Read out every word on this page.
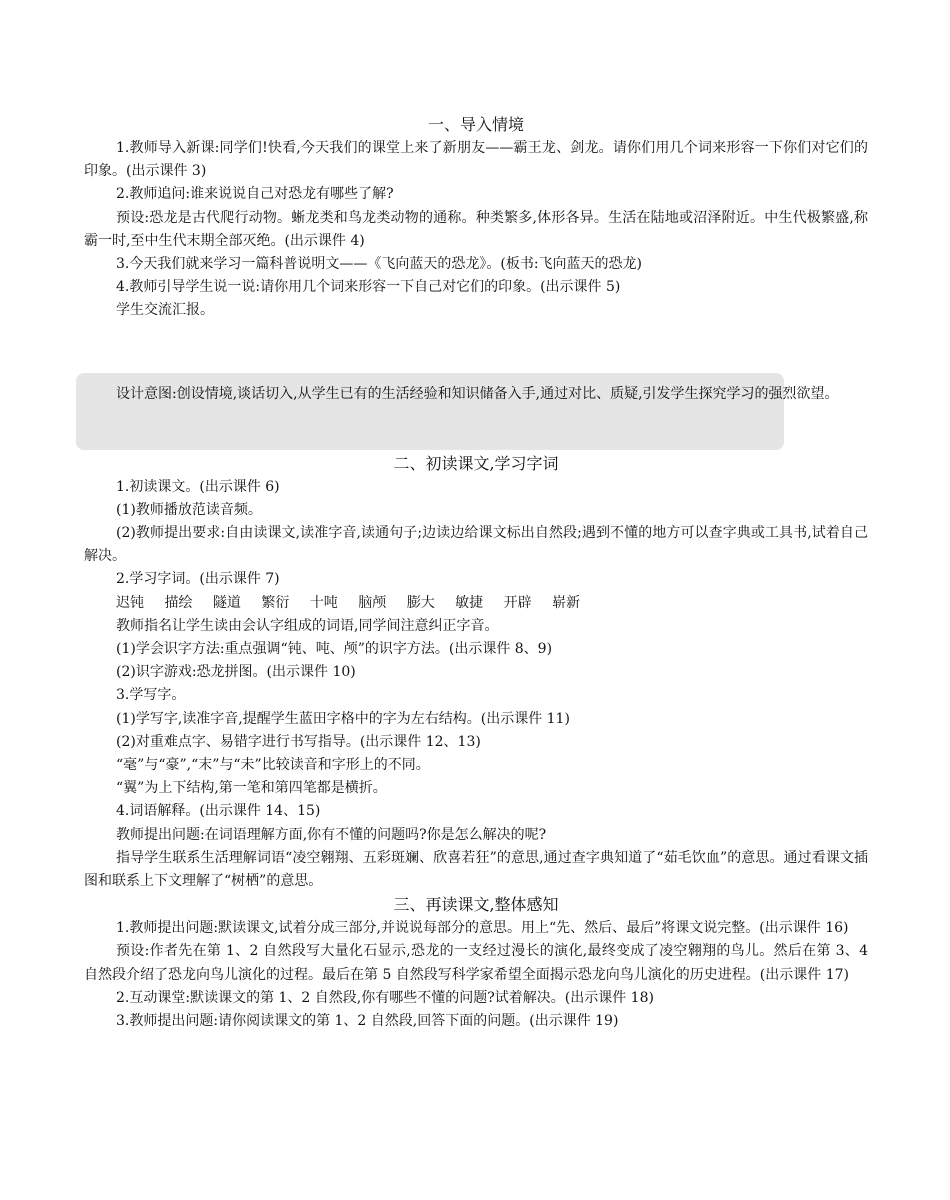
一、导入情境

1.教师导入新课:同学们!快看,今天我们的课堂上来了新朋友——霸王龙、剑龙。请你们用几个词来形容一下你们对它们的印象。(出示课件 3)

2.教师追问:谁来说说自己对恐龙有哪些了解?

预设:恐龙是古代爬行动物。蜥龙类和鸟龙类动物的通称。种类繁多,体形各异。生活在陆地或沼泽附近。中生代极繁盛,称霸一时,至中生代末期全部灭绝。(出示课件 4)

3.今天我们就来学习一篇科普说明文——《飞向蓝天的恐龙》。(板书:飞向蓝天的恐龙)

4.教师引导学生说一说:请你用几个词来形容一下自己对它们的印象。(出示课件 5)

学生交流汇报。

设计意图:创设情境,谈话切入,从学生已有的生活经验和知识储备入手,通过对比、质疑,引发学生探究学习的强烈欲望。

二、初读课文,学习字词

1.初读课文。(出示课件 6)

(1)教师播放范读音频。

(2)教师提出要求:自由读课文,读准字音,读通句子;边读边给课文标出自然段;遇到不懂的地方可以查字典或工具书,试着自己解决。

2.学习字词。(出示课件 7)

迟钝 描绘 隧道 繁衍 十吨 脑颅 膨大 敏捷 开辟 崭新

教师指名让学生读由会认字组成的词语,同学间注意纠正字音。

(1)学会识字方法:重点强调“钝、吨、颅”的识字方法。(出示课件 8、9)

(2)识字游戏:恐龙拼图。(出示课件 10)

3.学写字。

(1)学写字,读准字音,提醒学生蓝田字格中的字为左右结构。(出示课件 11)

(2)对重难点字、易错字进行书写指导。(出示课件 12、13)

“毫”与“豪”,“末”与“未”比较读音和字形上的不同。

“翼”为上下结构,第一笔和第四笔都是横折。

4.词语解释。(出示课件 14、15)

教师提出问题:在词语理解方面,你有不懂的问题吗?你是怎么解决的呢?

指导学生联系生活理解词语“凌空翱翔、五彩斑斓、欣喜若狂”的意思,通过查字典知道了“茹毛饮血”的意思。通过看课文插图和联系上下文理解了“树栖”的意思。

三、再读课文,整体感知

1.教师提出问题:默读课文,试着分成三部分,并说说每部分的意思。用上“先、然后、最后”将课文说完整。(出示课件 16)

预设:作者先在第 1、2 自然段写大量化石显示,恐龙的一支经过漫长的演化,最终变成了凌空翱翔的鸟儿。然后在第 3、4 自然段介绍了恐龙向鸟儿演化的过程。最后在第 5 自然段写科学家希望全面揭示恐龙向鸟儿演化的历史进程。(出示课件 17)

2.互动课堂:默读课文的第 1、2 自然段,你有哪些不懂的问题?试着解决。(出示课件 18)

3.教师提出问题:请你阅读课文的第 1、2 自然段,回答下面的问题。(出示课件 19)
